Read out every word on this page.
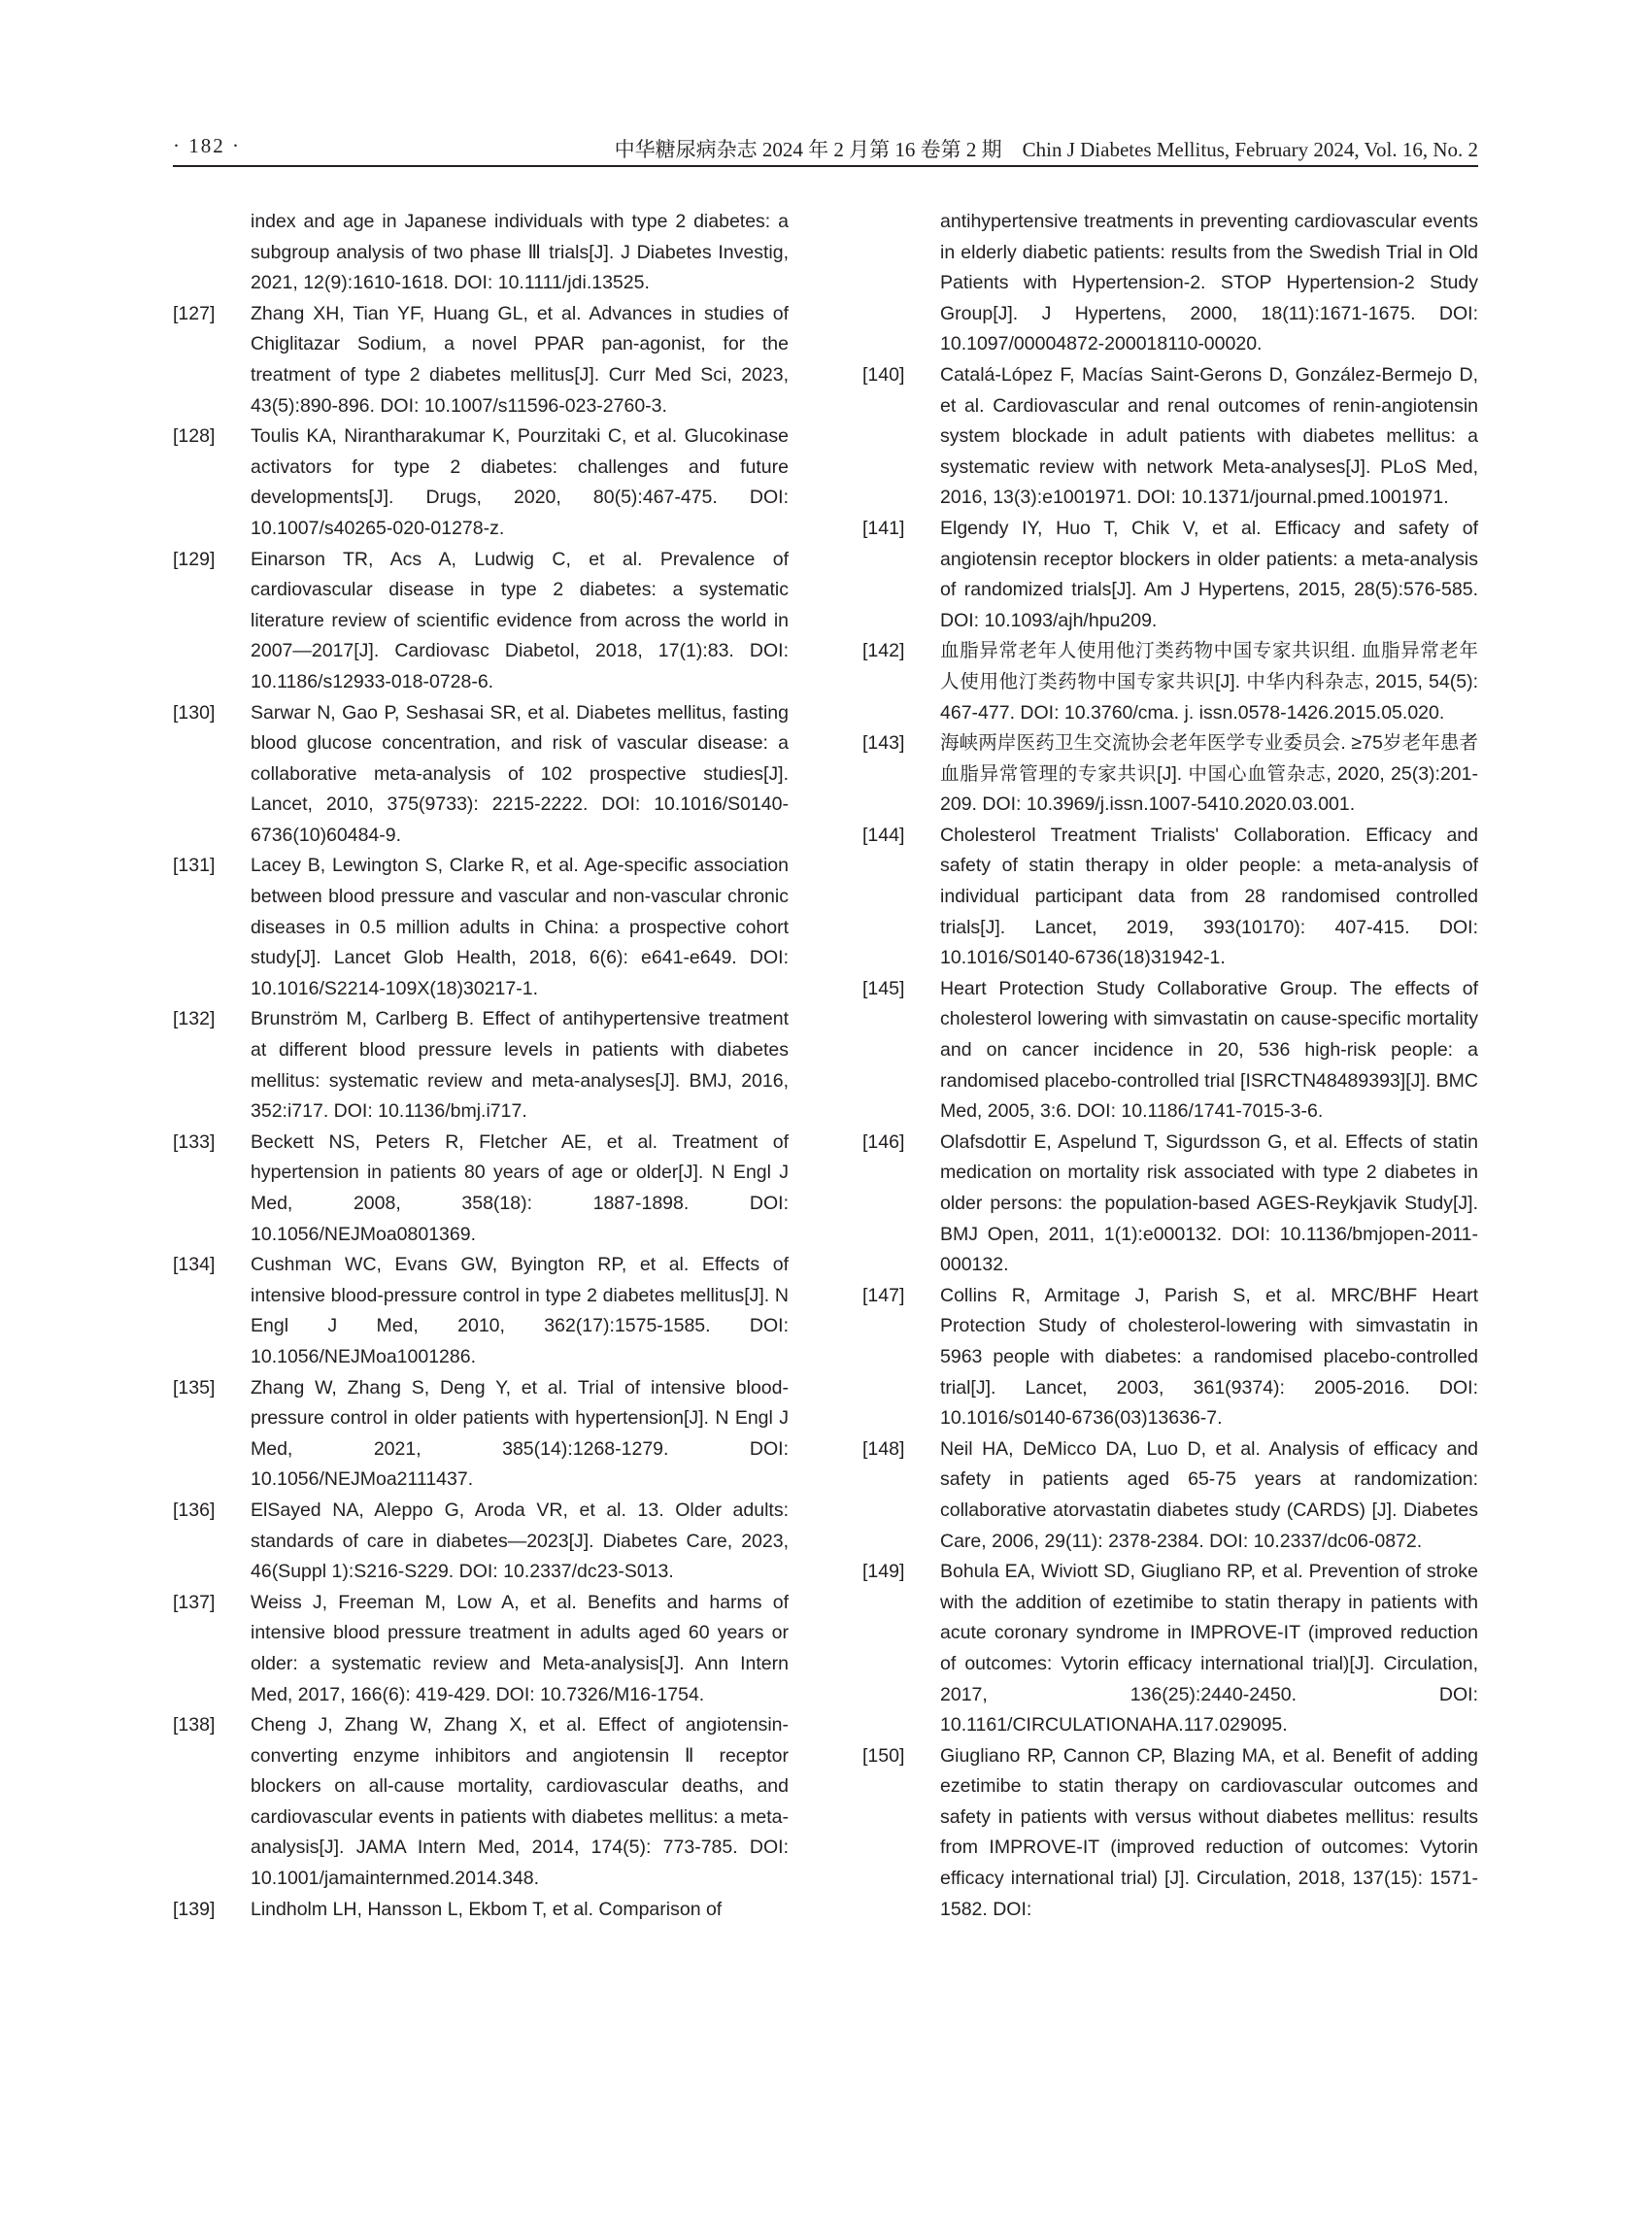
· 182 ·	中华糖尿病杂志 2024 年 2 月第 16 卷第 2 期　Chin J Diabetes Mellitus, February 2024, Vol. 16, No. 2
index and age in Japanese individuals with type 2 diabetes: a subgroup analysis of two phase Ⅲ trials[J]. J Diabetes Investig, 2021, 12(9):1610-1618. DOI: 10.1111/jdi.13525.
[127] Zhang XH, Tian YF, Huang GL, et al. Advances in studies of Chiglitazar Sodium, a novel PPAR pan-agonist, for the treatment of type 2 diabetes mellitus[J]. Curr Med Sci, 2023, 43(5):890-896. DOI: 10.1007/s11596-023-2760-3.
[128] Toulis KA, Nirantharakumar K, Pourzitaki C, et al. Glucokinase activators for type 2 diabetes: challenges and future developments[J]. Drugs, 2020, 80(5):467-475. DOI: 10.1007/s40265-020-01278-z.
[129] Einarson TR, Acs A, Ludwig C, et al. Prevalence of cardiovascular disease in type 2 diabetes: a systematic literature review of scientific evidence from across the world in 2007—2017[J]. Cardiovasc Diabetol, 2018, 17(1):83. DOI: 10.1186/s12933-018-0728-6.
[130] Sarwar N, Gao P, Seshasai SR, et al. Diabetes mellitus, fasting blood glucose concentration, and risk of vascular disease: a collaborative meta-analysis of 102 prospective studies[J]. Lancet, 2010, 375(9733): 2215-2222. DOI: 10.1016/S0140-6736(10)60484-9.
[131] Lacey B, Lewington S, Clarke R, et al. Age-specific association between blood pressure and vascular and non-vascular chronic diseases in 0.5 million adults in China: a prospective cohort study[J]. Lancet Glob Health, 2018, 6(6): e641-e649. DOI: 10.1016/S2214-109X(18)30217-1.
[132] Brunström M, Carlberg B. Effect of antihypertensive treatment at different blood pressure levels in patients with diabetes mellitus: systematic review and meta-analyses[J]. BMJ, 2016, 352:i717. DOI: 10.1136/bmj.i717.
[133] Beckett NS, Peters R, Fletcher AE, et al. Treatment of hypertension in patients 80 years of age or older[J]. N Engl J Med, 2008, 358(18): 1887-1898. DOI: 10.1056/NEJMoa0801369.
[134] Cushman WC, Evans GW, Byington RP, et al. Effects of intensive blood-pressure control in type 2 diabetes mellitus[J]. N Engl J Med, 2010, 362(17):1575-1585. DOI: 10.1056/NEJMoa1001286.
[135] Zhang W, Zhang S, Deng Y, et al. Trial of intensive blood-pressure control in older patients with hypertension[J]. N Engl J Med, 2021, 385(14):1268-1279. DOI: 10.1056/NEJMoa2111437.
[136] ElSayed NA, Aleppo G, Aroda VR, et al. 13. Older adults: standards of care in diabetes—2023[J]. Diabetes Care, 2023, 46(Suppl 1):S216-S229. DOI: 10.2337/dc23-S013.
[137] Weiss J, Freeman M, Low A, et al. Benefits and harms of intensive blood pressure treatment in adults aged 60 years or older: a systematic review and Meta-analysis[J]. Ann Intern Med, 2017, 166(6): 419-429. DOI: 10.7326/M16-1754.
[138] Cheng J, Zhang W, Zhang X, et al. Effect of angiotensin-converting enzyme inhibitors and angiotensin Ⅱ receptor blockers on all-cause mortality, cardiovascular deaths, and cardiovascular events in patients with diabetes mellitus: a meta-analysis[J]. JAMA Intern Med, 2014, 174(5): 773-785. DOI: 10.1001/jamainternmed.2014.348.
[139] Lindholm LH, Hansson L, Ekbom T, et al. Comparison of
antihypertensive treatments in preventing cardiovascular events in elderly diabetic patients: results from the Swedish Trial in Old Patients with Hypertension-2. STOP Hypertension-2 Study Group[J]. J Hypertens, 2000, 18(11):1671-1675. DOI: 10.1097/00004872-200018110-00020.
[140] Catalá-López F, Macías Saint-Gerons D, González-Bermejo D, et al. Cardiovascular and renal outcomes of renin-angiotensin system blockade in adult patients with diabetes mellitus: a systematic review with network Meta-analyses[J]. PLoS Med, 2016, 13(3):e1001971. DOI: 10.1371/journal.pmed.1001971.
[141] Elgendy IY, Huo T, Chik V, et al. Efficacy and safety of angiotensin receptor blockers in older patients: a meta-analysis of randomized trials[J]. Am J Hypertens, 2015, 28(5):576-585. DOI: 10.1093/ajh/hpu209.
[142] 血脂异常老年人使用他汀类药物中国专家共识组. 血脂异常老年人使用他汀类药物中国专家共识[J]. 中华内科杂志, 2015, 54(5): 467-477. DOI: 10.3760/cma. j. issn.0578-1426.2015.05.020.
[143] 海峡两岸医药卫生交流协会老年医学专业委员会. ≥75岁老年患者血脂异常管理的专家共识[J]. 中国心血管杂志, 2020, 25(3):201-209. DOI: 10.3969/j.issn.1007-5410.2020.03.001.
[144] Cholesterol Treatment Trialists' Collaboration. Efficacy and safety of statin therapy in older people: a meta-analysis of individual participant data from 28 randomised controlled trials[J]. Lancet, 2019, 393(10170): 407-415. DOI: 10.1016/S0140-6736(18)31942-1.
[145] Heart Protection Study Collaborative Group. The effects of cholesterol lowering with simvastatin on cause-specific mortality and on cancer incidence in 20, 536 high-risk people: a randomised placebo-controlled trial [ISRCTN48489393][J]. BMC Med, 2005, 3:6. DOI: 10.1186/1741-7015-3-6.
[146] Olafsdottir E, Aspelund T, Sigurdsson G, et al. Effects of statin medication on mortality risk associated with type 2 diabetes in older persons: the population-based AGES-Reykjavik Study[J]. BMJ Open, 2011, 1(1):e000132. DOI: 10.1136/bmjopen-2011-000132.
[147] Collins R, Armitage J, Parish S, et al. MRC/BHF Heart Protection Study of cholesterol-lowering with simvastatin in 5963 people with diabetes: a randomised placebo-controlled trial[J]. Lancet, 2003, 361(9374): 2005-2016. DOI: 10.1016/s0140-6736(03)13636-7.
[148] Neil HA, DeMicco DA, Luo D, et al. Analysis of efficacy and safety in patients aged 65-75 years at randomization: collaborative atorvastatin diabetes study (CARDS) [J]. Diabetes Care, 2006, 29(11): 2378-2384. DOI: 10.2337/dc06-0872.
[149] Bohula EA, Wiviott SD, Giugliano RP, et al. Prevention of stroke with the addition of ezetimibe to statin therapy in patients with acute coronary syndrome in IMPROVE-IT (improved reduction of outcomes: Vytorin efficacy international trial)[J]. Circulation, 2017, 136(25):2440-2450. DOI: 10.1161/CIRCULATIONAHA.117.029095.
[150] Giugliano RP, Cannon CP, Blazing MA, et al. Benefit of adding ezetimibe to statin therapy on cardiovascular outcomes and safety in patients with versus without diabetes mellitus: results from IMPROVE-IT (improved reduction of outcomes: Vytorin efficacy international trial) [J]. Circulation, 2018, 137(15): 1571-1582. DOI:
